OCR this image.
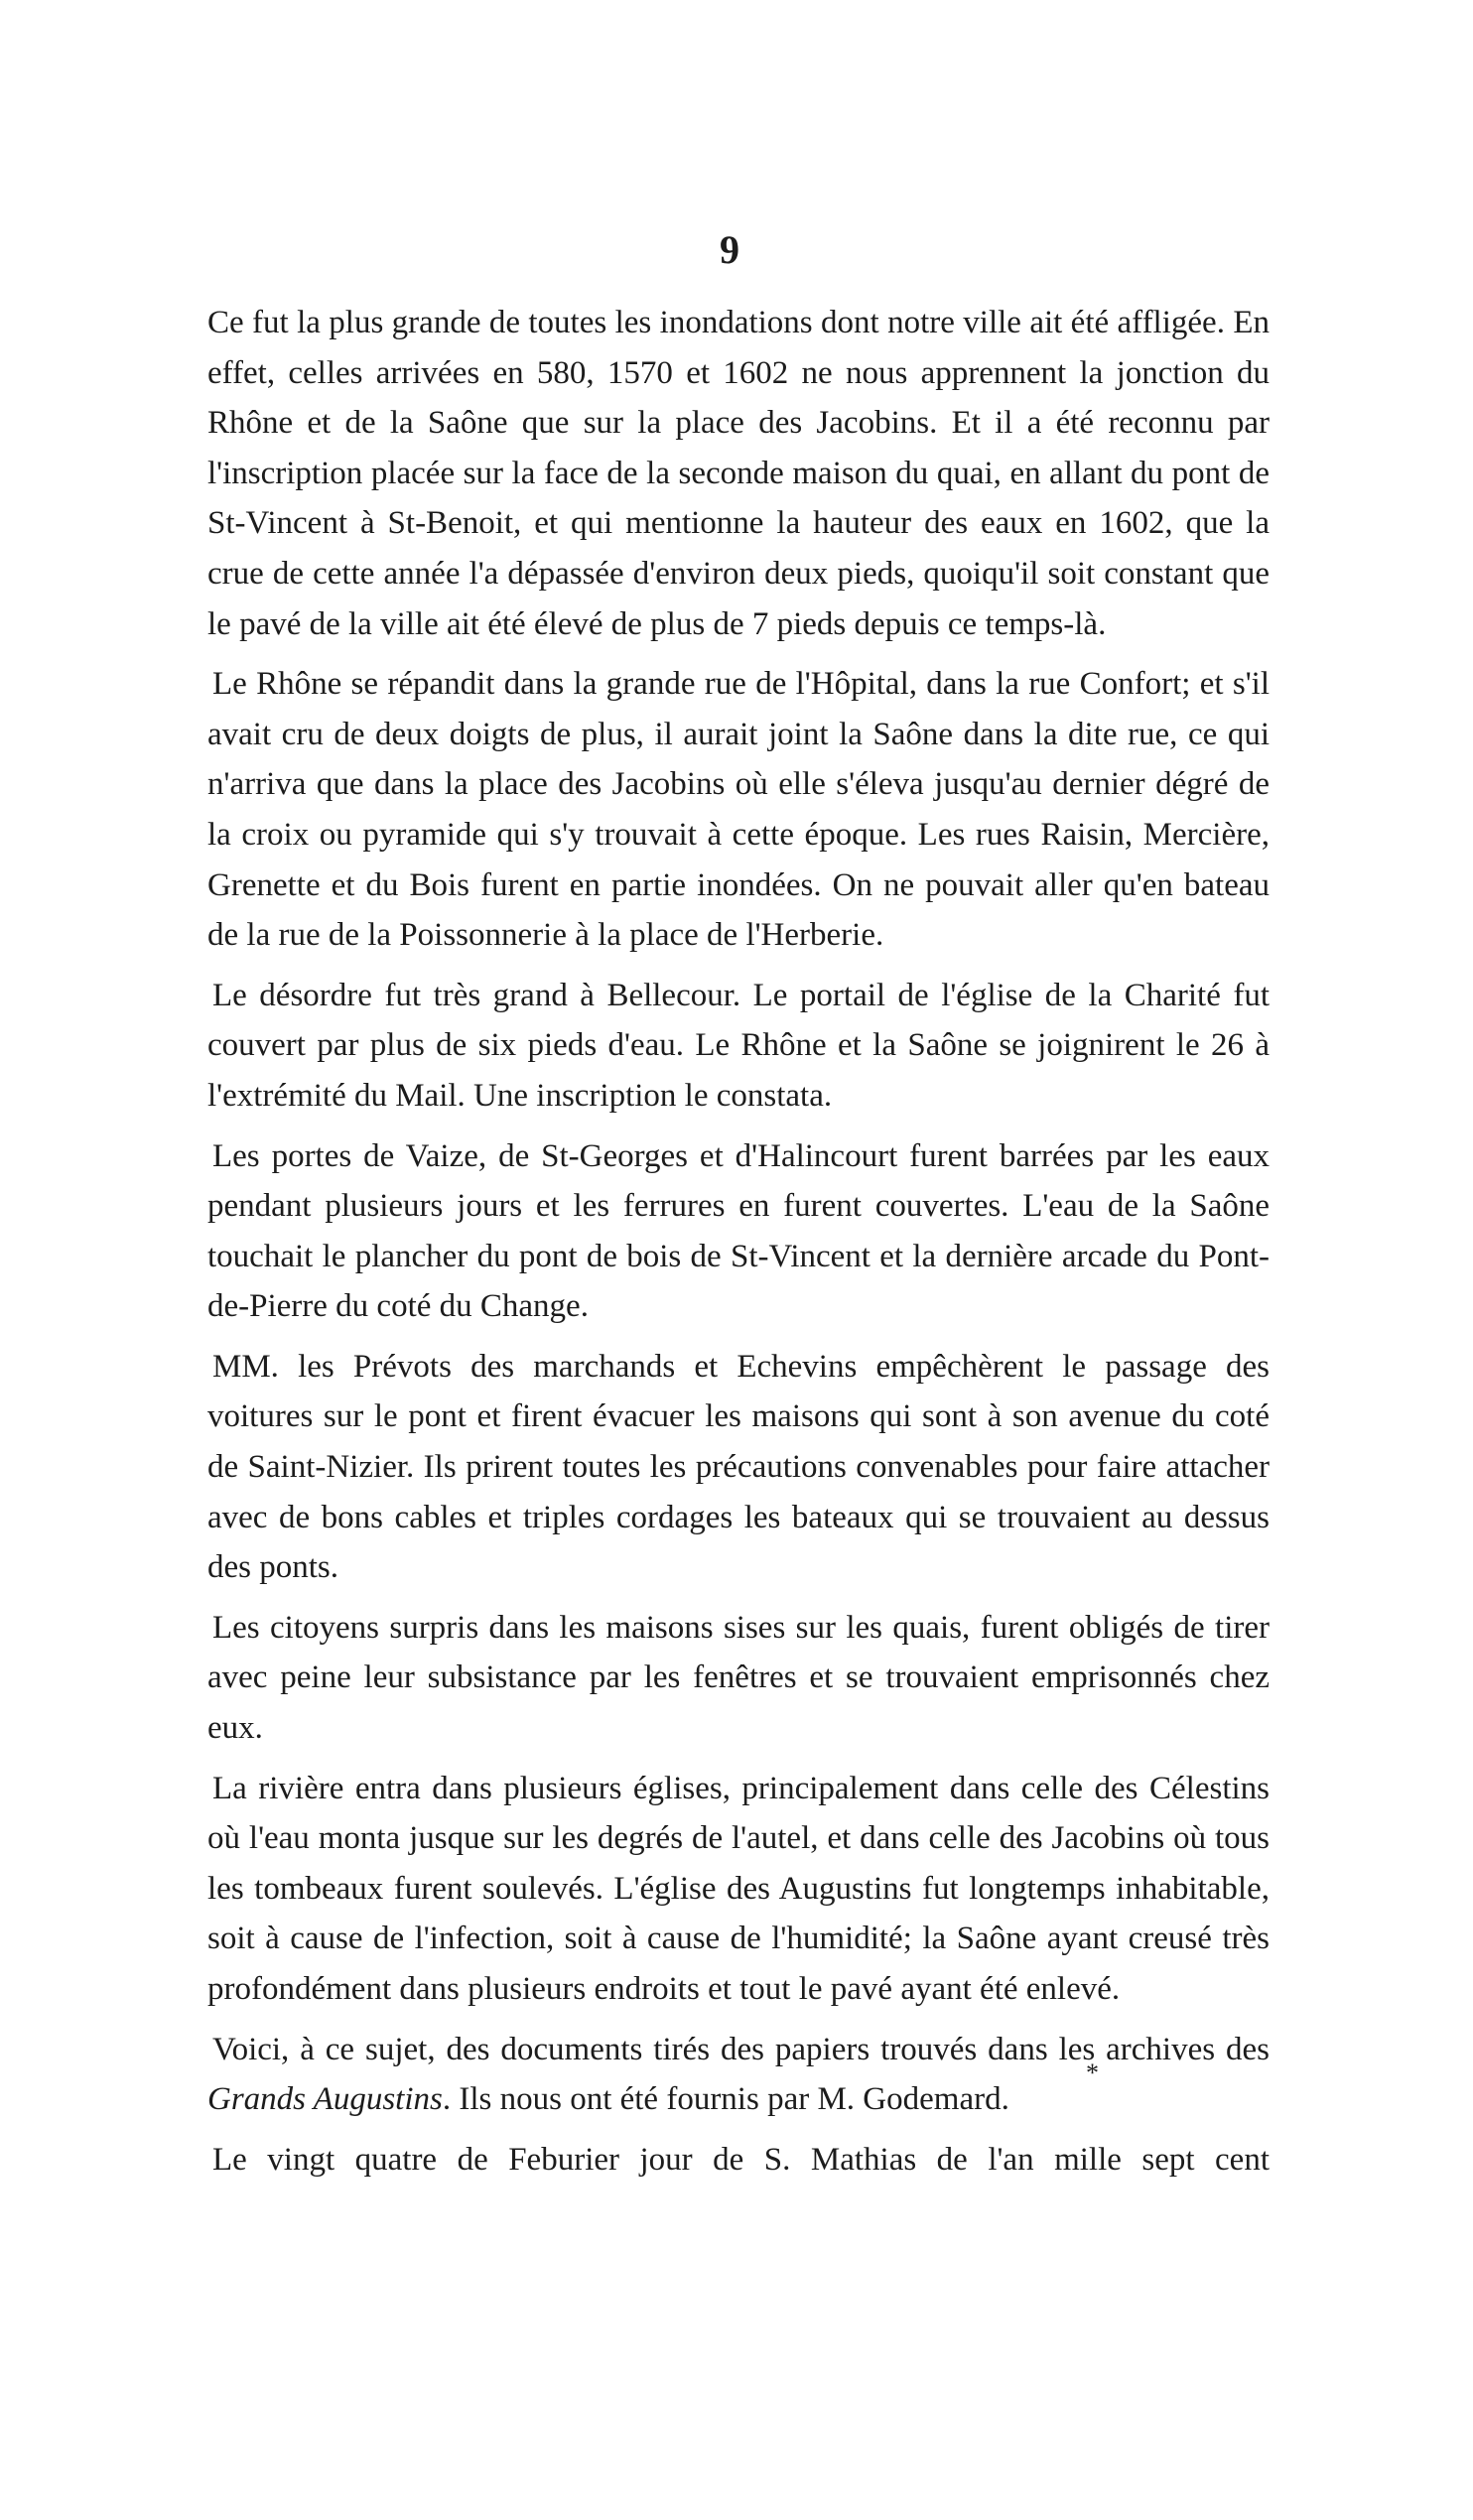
9

Ce fut la plus grande de toutes les inondations dont notre ville ait été affligée. En effet, celles arrivées en 580, 1570 et 1602 ne nous apprennent la jonction du Rhône et de la Saône que sur la place des Jacobins. Et il a été reconnu par l'inscription placée sur la face de la seconde maison du quai, en allant du pont de St-Vincent à St-Benoit, et qui mentionne la hauteur des eaux en 1602, que la crue de cette année l'a dépassée d'environ deux pieds, quoiqu'il soit constant que le pavé de la ville ait été élevé de plus de 7 pieds depuis ce temps-là.

Le Rhône se répandit dans la grande rue de l'Hôpital, dans la rue Confort; et s'il avait cru de deux doigts de plus, il aurait joint la Saône dans la dite rue, ce qui n'arriva que dans la place des Jacobins où elle s'éleva jusqu'au dernier dégré de la croix ou pyramide qui s'y trouvait à cette époque. Les rues Raisin, Mercière, Grenette et du Bois furent en partie inondées. On ne pouvait aller qu'en bateau de la rue de la Poissonnerie à la place de l'Herberie.

Le désordre fut très grand à Bellecour. Le portail de l'église de la Charité fut couvert par plus de six pieds d'eau. Le Rhône et la Saône se joignirent le 26 à l'extrémité du Mail. Une inscription le constata.

Les portes de Vaize, de St-Georges et d'Halincourt furent barrées par les eaux pendant plusieurs jours et les ferrures en furent couvertes. L'eau de la Saône touchait le plancher du pont de bois de St-Vincent et la dernière arcade du Pont-de-Pierre du coté du Change.

MM. les Prévots des marchands et Echevins empêchèrent le passage des voitures sur le pont et firent évacuer les maisons qui sont à son avenue du coté de Saint-Nizier. Ils prirent toutes les précautions convenables pour faire attacher avec de bons cables et triples cordages les bateaux qui se trouvaient au dessus des ponts.

Les citoyens surpris dans les maisons sises sur les quais, furent obligés de tirer avec peine leur subsistance par les fenêtres et se trouvaient emprisonnés chez eux.

La rivière entra dans plusieurs églises, principalement dans celle des Célestins où l'eau monta jusque sur les degrés de l'autel, et dans celle des Jacobins où tous les tombeaux furent soulevés. L'église des Augustins fut longtemps inhabitable, soit à cause de l'infection, soit à cause de l'humidité; la Saône ayant creusé très profondément dans plusieurs endroits et tout le pavé ayant été enlevé.

Voici, à ce sujet, des documents tirés des papiers trouvés dans les archives des Grands Augustins. Ils nous ont été fournis par M. Godemard.

Le vingt quatre de Feburier jour de S. Mathias de l'an mille sept cent

*
